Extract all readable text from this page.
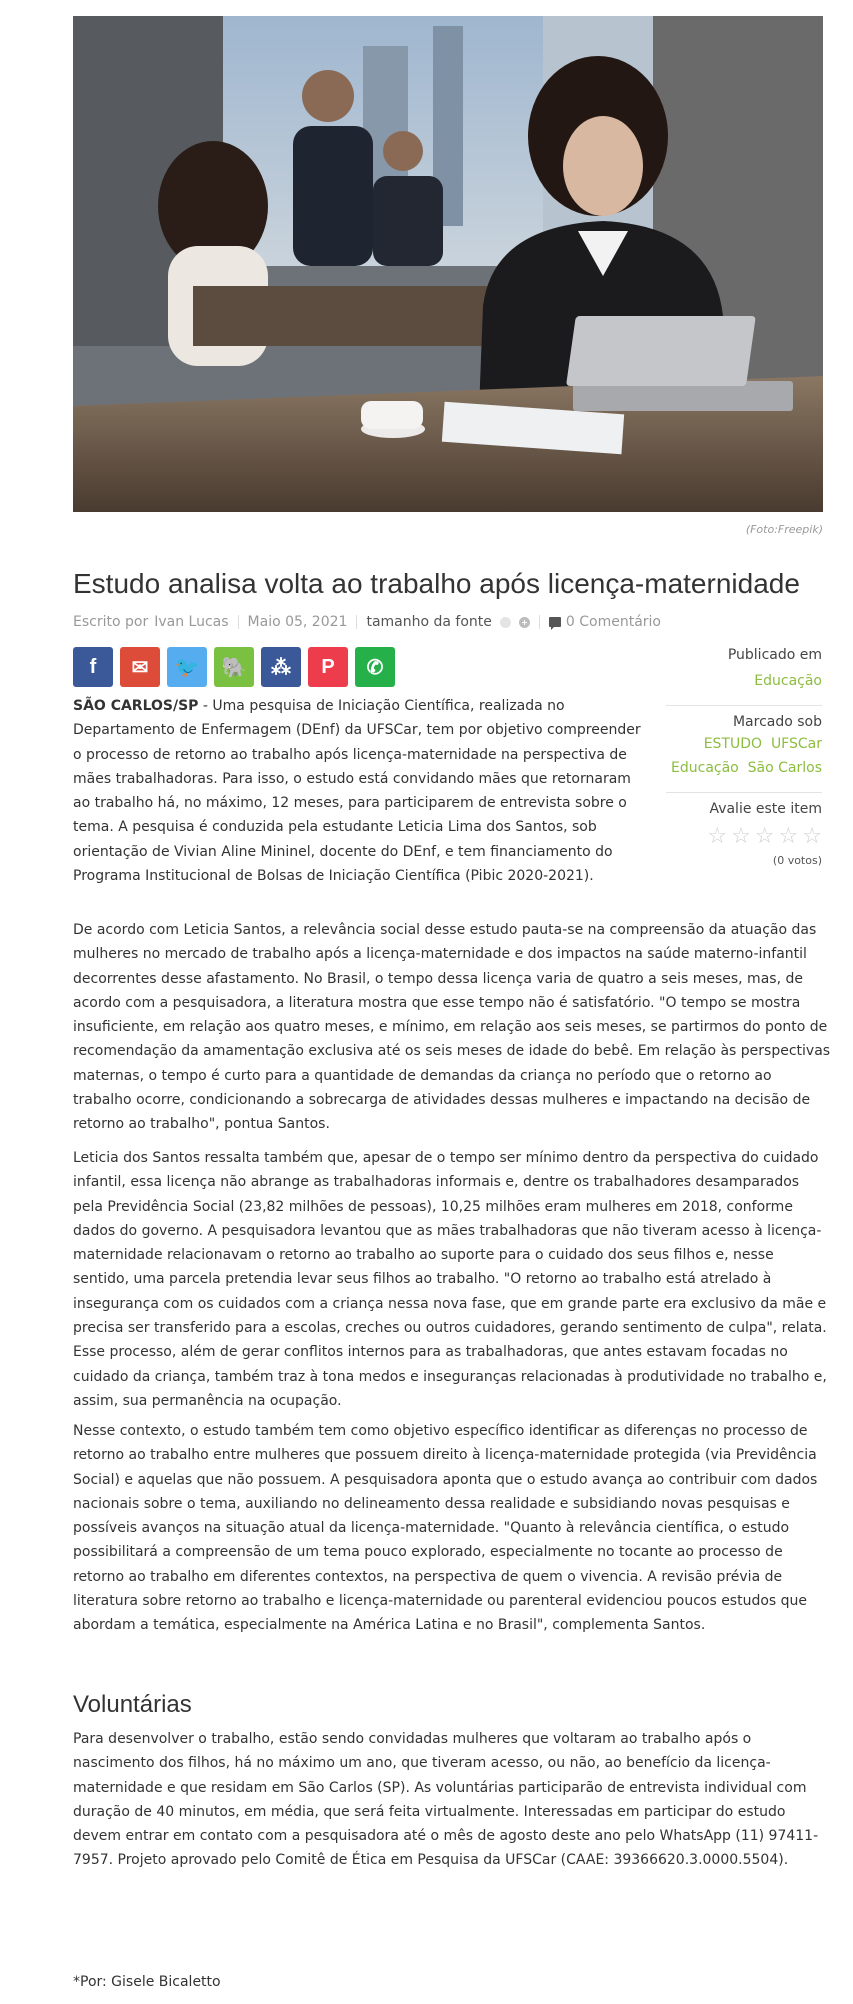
(Foto:Freepik)
Estudo analisa volta ao trabalho após licença-maternidade
Escrito por Ivan Lucas Maio 05, 2021 tamanho da fonte	0 Comentário
f ✉ 🐦 🐘 ⁂ P ✆
Publicado em
Educação
Marcado sob
ESTUDO UFSCar
Educação São Carlos
Avalie este item
☆ ☆ ☆ ☆ ☆
(0 votos)

SÃO CARLOS/SP - Uma pesquisa de Iniciação Científica, realizada no Departamento de Enfermagem (DEnf) da UFSCar, tem por objetivo compreender o processo de retorno ao trabalho após licença-maternidade na perspectiva de mães trabalhadoras. Para isso, o estudo está convidando mães que retornaram ao trabalho há, no máximo, 12 meses, para participarem de entrevista sobre o tema. A pesquisa é conduzida pela estudante Leticia Lima dos Santos, sob orientação de Vivian Aline Mininel, docente do DEnf, e tem financiamento do Programa Institucional de Bolsas de Iniciação Científica (Pibic 2020-2021).

De acordo com Leticia Santos, a relevância social desse estudo pauta-se na compreensão da atuação das mulheres no mercado de trabalho após a licença-maternidade e dos impactos na saúde materno-infantil decorrentes desse afastamento. No Brasil, o tempo dessa licença varia de quatro a seis meses, mas, de acordo com a pesquisadora, a literatura mostra que esse tempo não é satisfatório. "O tempo se mostra insuficiente, em relação aos quatro meses, e mínimo, em relação aos seis meses, se partirmos do ponto de recomendação da amamentação exclusiva até os seis meses de idade do bebê. Em relação às perspectivas maternas, o tempo é curto para a quantidade de demandas da criança no período que o retorno ao trabalho ocorre, condicionando a sobrecarga de atividades dessas mulheres e impactando na decisão de retorno ao trabalho", pontua Santos.

Leticia dos Santos ressalta também que, apesar de o tempo ser mínimo dentro da perspectiva do cuidado infantil, essa licença não abrange as trabalhadoras informais e, dentre os trabalhadores desamparados pela Previdência Social (23,82 milhões de pessoas), 10,25 milhões eram mulheres em 2018, conforme dados do governo. A pesquisadora levantou que as mães trabalhadoras que não tiveram acesso à licença-maternidade relacionavam o retorno ao trabalho ao suporte para o cuidado dos seus filhos e, nesse sentido, uma parcela pretendia levar seus filhos ao trabalho. "O retorno ao trabalho está atrelado à insegurança com os cuidados com a criança nessa nova fase, que em grande parte era exclusivo da mãe e precisa ser transferido para a escolas, creches ou outros cuidadores, gerando sentimento de culpa", relata. Esse processo, além de gerar conflitos internos para as trabalhadoras, que antes estavam focadas no cuidado da criança, também traz à tona medos e inseguranças relacionadas à produtividade no trabalho e, assim, sua permanência na ocupação.

Nesse contexto, o estudo também tem como objetivo específico identificar as diferenças no processo de retorno ao trabalho entre mulheres que possuem direito à licença-maternidade protegida (via Previdência Social) e aquelas que não possuem. A pesquisadora aponta que o estudo avança ao contribuir com dados nacionais sobre o tema, auxiliando no delineamento dessa realidade e subsidiando novas pesquisas e possíveis avanços na situação atual da licença-maternidade. "Quanto à relevância científica, o estudo possibilitará a compreensão de um tema pouco explorado, especialmente no tocante ao processo de retorno ao trabalho em diferentes contextos, na perspectiva de quem o vivencia. A revisão prévia de literatura sobre retorno ao trabalho e licença-maternidade ou parenteral evidenciou poucos estudos que abordam a temática, especialmente na América Latina e no Brasil", complementa Santos.

Voluntárias

Para desenvolver o trabalho, estão sendo convidadas mulheres que voltaram ao trabalho após o nascimento dos filhos, há no máximo um ano, que tiveram acesso, ou não, ao benefício da licença-maternidade e que residam em São Carlos (SP). As voluntárias participarão de entrevista individual com duração de 40 minutos, em média, que será feita virtualmente. Interessadas em participar do estudo devem entrar em contato com a pesquisadora até o mês de agosto deste ano pelo WhatsApp (11) 97411-7957. Projeto aprovado pelo Comitê de Ética em Pesquisa da UFSCar (CAAE: 39366620.3.0000.5504).

*Por: Gisele Bicaletto
